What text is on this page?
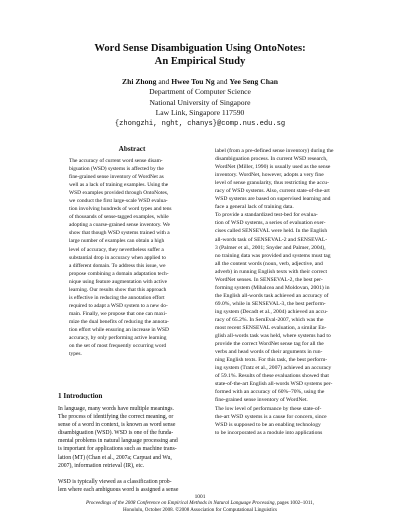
Word Sense Disambiguation Using OntoNotes:
An Empirical Study
Zhi Zhong and Hwee Tou Ng and Yee Seng Chan
Department of Computer Science
National University of Singapore
Law Link, Singapore 117590
{zhongzhi, nght, chanys}@comp.nus.edu.sg
Abstract
The accuracy of current word sense disam-
biguation (WSD) systems is affected by the
fine-grained sense inventory of WordNet as
well as a lack of training examples. Using the
WSD examples provided through OntoNotes,
we conduct the first large-scale WSD evalua-
tion involving hundreds of word types and tens
of thousands of sense-tagged examples, while
adopting a coarse-grained sense inventory. We
show that though WSD systems trained with a
large number of examples can obtain a high
level of accuracy, they nevertheless suffer a
substantial drop in accuracy when applied to
a different domain. To address this issue, we
propose combining a domain adaptation tech-
nique using feature augmentation with active
learning. Our results show that this approach
is effective in reducing the annotation effort
required to adapt a WSD system to a new do-
main. Finally, we propose that one can maxi-
mize the dual benefits of reducing the annota-
tion effort while ensuring an increase in WSD
accuracy, by only performing active learning
on the set of most frequently occurring word
types.
1 Introduction
In language, many words have multiple meanings.
The process of identifying the correct meaning, or
sense of a word in context, is known as word sense
disambiguation (WSD). WSD is one of the funda-
mental problems in natural language processing and
is important for applications such as machine trans-
lation (MT) (Chan et al., 2007a; Carpuat and Wu,
2007), information retrieval (IR), etc.

WSD is typically viewed as a classification prob-
lem where each ambiguous word is assigned a sense
label (from a pre-defined sense inventory) during the
disambiguation process. In current WSD research,
WordNet (Miller, 1990) is usually used as the sense
inventory. WordNet, however, adopts a very fine
level of sense granularity, thus restricting the accu-
racy of WSD systems. Also, current state-of-the-art
WSD systems are based on supervised learning and
face a general lack of training data.
To provide a standardized test-bed for evalua-
tion of WSD systems, a series of evaluation exer-
cises called SENSEVAL were held. In the English
all-words task of SENSEVAL-2 and SENSEVAL-
3 (Palmer et al., 2001; Snyder and Palmer, 2004),
no training data was provided and systems must tag
all the content words (noun, verb, adjective, and
adverb) in running English texts with their correct
WordNet senses. In SENSEVAL-2, the best per-
forming system (Mihalcea and Moldovan, 2001) in
the English all-words task achieved an accuracy of
69.0%, while in SENSEVAL-3, the best perform-
ing system (Decadt et al., 2004) achieved an accu-
racy of 65.2%. In SemEval-2007, which was the
most recent SENSEVAL evaluation, a similar En-
glish all-words task was held, where systems had to
provide the correct WordNet sense tag for all the
verbs and head words of their arguments in run-
ning English texts. For this task, the best perform-
ing system (Tratz et al., 2007) achieved an accuracy
of 59.1%. Results of these evaluations showed that
state-of-the-art English all-words WSD systems per-
formed with an accuracy of 60%–70%, using the
fine-grained sense inventory of WordNet.
The low level of performance by these state-of-
the-art WSD systems is a cause for concern, since
WSD is supposed to be an enabling technology
to be incorporated as a module into applications
1001
Proceedings of the 2008 Conference on Empirical Methods in Natural Language Processing, pages 1002–1011,
Honolulu, October 2008. ©2008 Association for Computational Linguistics
